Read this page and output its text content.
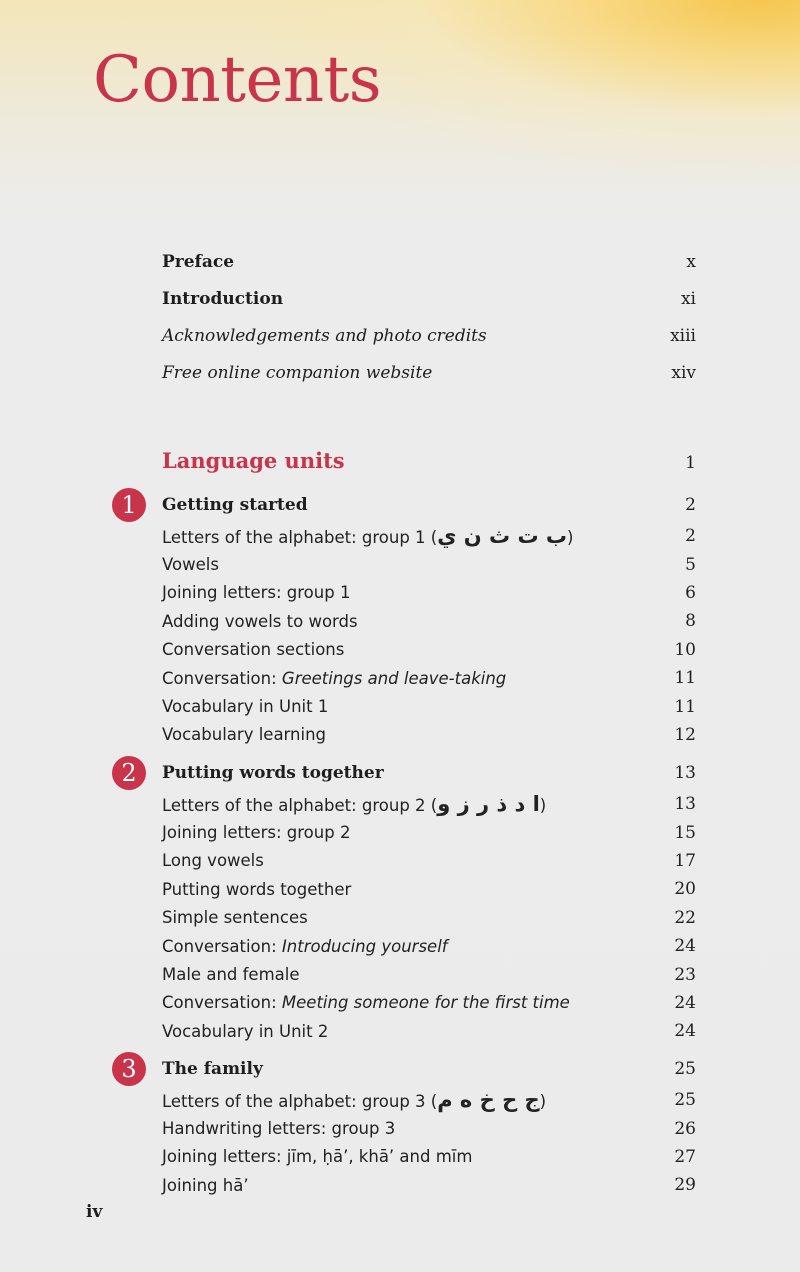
Contents
Preface	x
Introduction	xi
Acknowledgements and photo credits	xiii
Free online companion website	xiv
Language units	1
1	Getting started	2
Letters of the alphabet: group 1 (ب ت ث ن ي)	2
Vowels	5
Joining letters: group 1	6
Adding vowels to words	8
Conversation sections	10
Conversation: Greetings and leave-taking	11
Vocabulary in Unit 1	11
Vocabulary learning	12
2	Putting words together	13
Letters of the alphabet: group 2 (ا د ذ ر ز و)	13
Joining letters: group 2	15
Long vowels	17
Putting words together	20
Simple sentences	22
Conversation: Introducing yourself	24
Male and female	23
Conversation: Meeting someone for the first time	24
Vocabulary in Unit 2	24
3	The family	25
Letters of the alphabet: group 3 (ج ح خ ه م)	25
Handwriting letters: group 3	26
Joining letters: jīm, ḥā’, khā’ and mīm	27
Joining hā’	29
iv
